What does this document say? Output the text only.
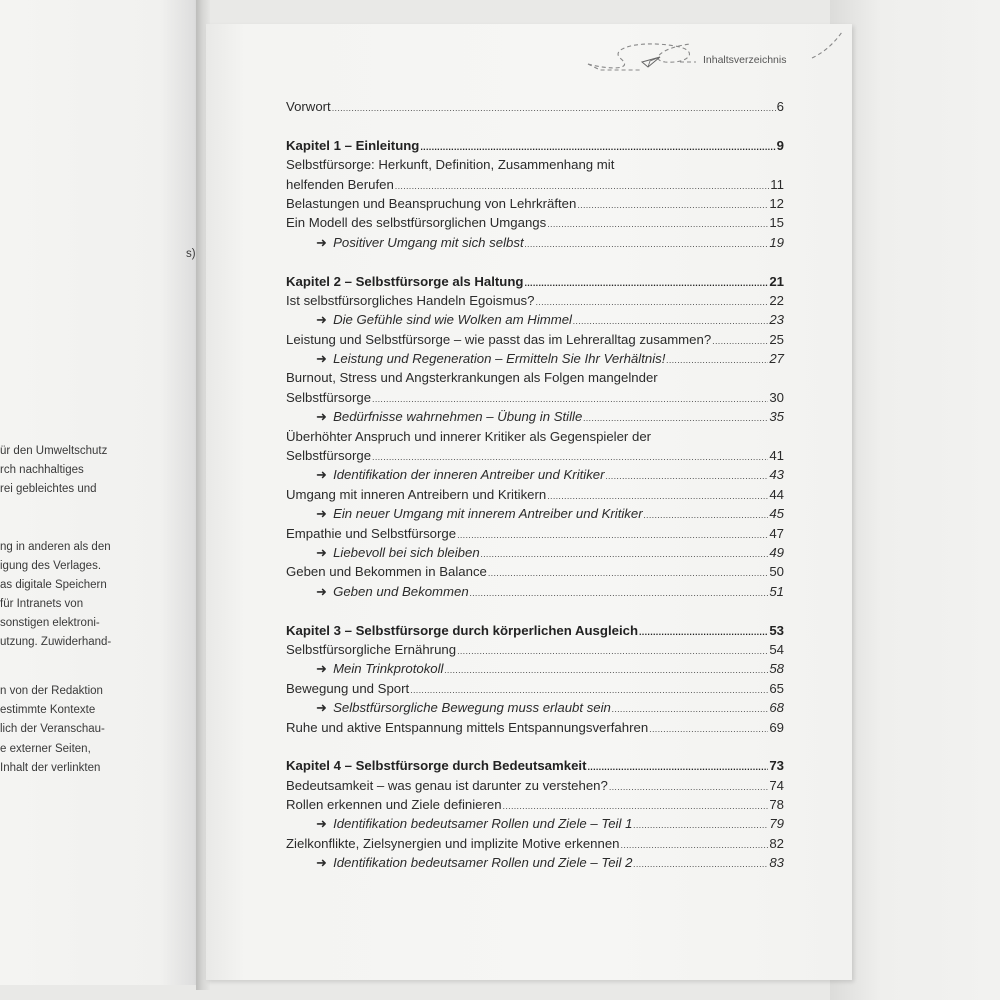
s)
ür den Umweltschutz
rch nachhaltiges
rei gebleichtes und
ng in anderen als den
igung des Verlages.
as digitale Speichern
für Intranets von
sonstigen elektroni-
utzung. Zuwiderhand-
n von der Redaktion
estimmte Kontexte
lich der Veranschau-
e externer Seiten,
Inhalt der verlinkten
Inhaltsverzeichnis
Vorwort .....	6
Kapitel 1 – Einleitung .....	9
Selbstfürsorge: Herkunft, Definition, Zusammenhang mit
helfenden Berufen .....	11
Belastungen und Beanspruchung von Lehrkräften .....	12
Ein Modell des selbstfürsorglichen Umgangs .....	15
➜ Positiver Umgang mit sich selbst .....	19
Kapitel 2 – Selbstfürsorge als Haltung .....	21
Ist selbstfürsorgliches Handeln Egoismus? .....	22
➜ Die Gefühle sind wie Wolken am Himmel .....	23
Leistung und Selbstfürsorge – wie passt das im Lehreralltag zusammen? .....	25
➜ Leistung und Regeneration – Ermitteln Sie Ihr Verhältnis! .....	27
Burnout, Stress und Angsterkrankungen als Folgen mangelnder
Selbstfürsorge .....	30
➜ Bedürfnisse wahrnehmen – Übung in Stille .....	35
Überhöhter Anspruch und innerer Kritiker als Gegenspieler der
Selbstfürsorge .....	41
➜ Identifikation der inneren Antreiber und Kritiker .....	43
Umgang mit inneren Antreibern und Kritikern .....	44
➜ Ein neuer Umgang mit innerem Antreiber und Kritiker .....	45
Empathie und Selbstfürsorge .....	47
➜ Liebevoll bei sich bleiben .....	49
Geben und Bekommen in Balance .....	50
➜ Geben und Bekommen .....	51
Kapitel 3 – Selbstfürsorge durch körperlichen Ausgleich .....	53
Selbstfürsorgliche Ernährung .....	54
➜ Mein Trinkprotokoll .....	58
Bewegung und Sport .....	65
➜ Selbstfürsorgliche Bewegung muss erlaubt sein .....	68
Ruhe und aktive Entspannung mittels Entspannungsverfahren .....	69
Kapitel 4 – Selbstfürsorge durch Bedeutsamkeit .....	73
Bedeutsamkeit – was genau ist darunter zu verstehen? .....	74
Rollen erkennen und Ziele definieren .....	78
➜ Identifikation bedeutsamer Rollen und Ziele – Teil 1 .....	79
Zielkonflikte, Zielsynergien und implizite Motive erkennen .....	82
➜ Identifikation bedeutsamer Rollen und Ziele – Teil 2 .....	83
